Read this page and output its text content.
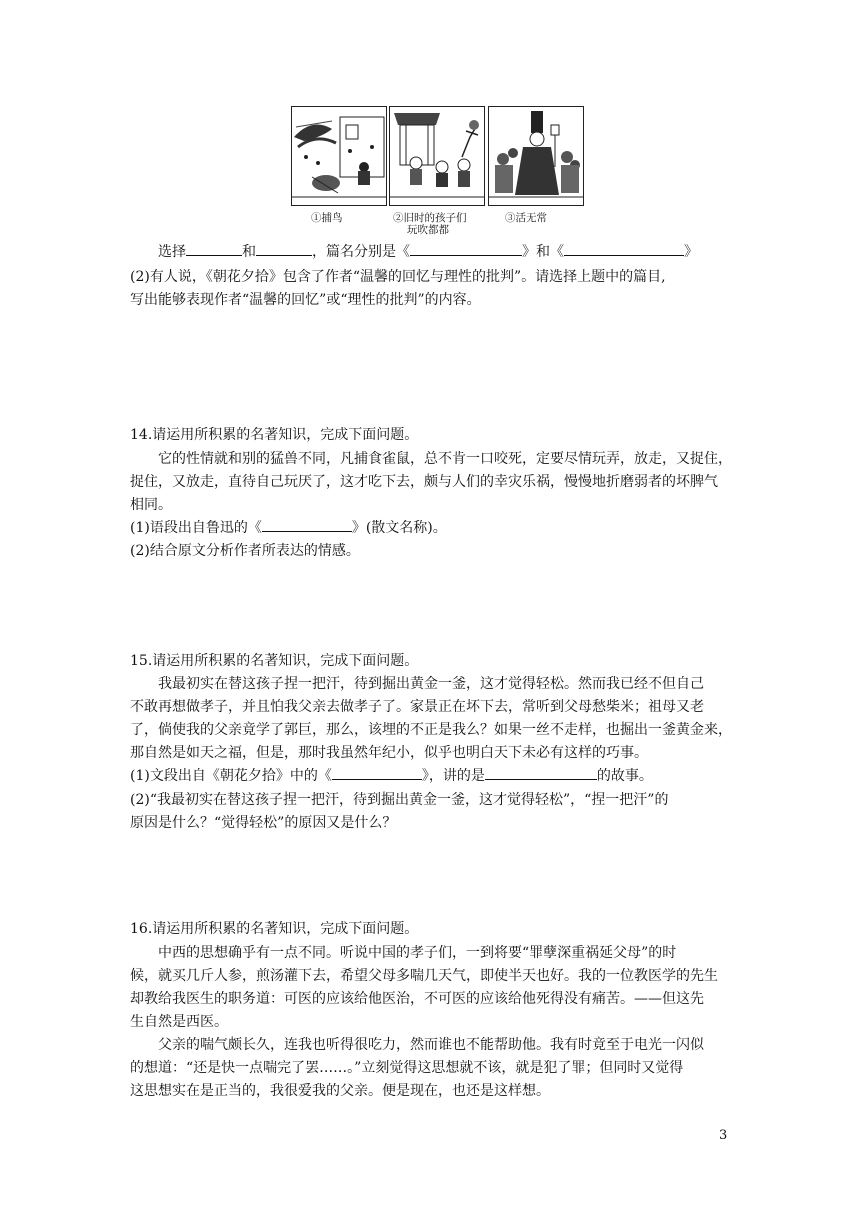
①捕鸟	②旧时的孩子们
玩吹都都
③活无常
选择	和	，篇名分别是《	》和《	》
(2)有人说，《朝花夕拾》包含了作者“温馨的回忆与理性的批判”。请选择上题中的篇目,
写出能够表现作者“温馨的回忆”或“理性的批判”的内容。
14.请运用所积累的名著知识，完成下面问题。
它的性情就和别的猛兽不同，凡捕食雀鼠，总不肯一口咬死，定要尽情玩弄，放走，又捉住，
捉住，又放走，直待自己玩厌了，这才吃下去，颇与人们的幸灾乐祸，慢慢地折磨弱者的坏脾气
相同。
(1)语段出自鲁迅的《	》(散文名称)。
(2)结合原文分析作者所表达的情感。
15.请运用所积累的名著知识，完成下面问题。
我最初实在替这孩子捏一把汗，待到掘出黄金一釜，这才觉得轻松。然而我已经不但自己
不敢再想做孝子，并且怕我父亲去做孝子了。家景正在坏下去，常听到父母愁柴米；祖母又老
了，倘使我的父亲竟学了郭巨，那么，该埋的不正是我么？如果一丝不走样，也掘出一釜黄金来，
那自然是如天之福，但是，那时我虽然年纪小，似乎也明白天下未必有这样的巧事。
(1)文段出自《朝花夕拾》中的《	》，讲的是	的故事。
(2)“我最初实在替这孩子捏一把汗，待到掘出黄金一釜，这才觉得轻松”，“捏一把汗”的
原因是什么？“觉得轻松”的原因又是什么？
16.请运用所积累的名著知识，完成下面问题。
中西的思想确乎有一点不同。听说中国的孝子们，一到将要“罪孽深重祸延父母”的时
候，就买几斤人参，煎汤灌下去，希望父母多喘几天气，即使半天也好。我的一位教医学的先生
却教给我医生的职务道：可医的应该给他医治，不可医的应该给他死得没有痛苦。——但这先
生自然是西医。
父亲的喘气颇长久，连我也听得很吃力，然而谁也不能帮助他。我有时竟至于电光一闪似
的想道：“还是快一点喘完了罢……。”立刻觉得这思想就不该，就是犯了罪；但同时又觉得
这思想实在是正当的，我很爱我的父亲。便是现在，也还是这样想。
3
